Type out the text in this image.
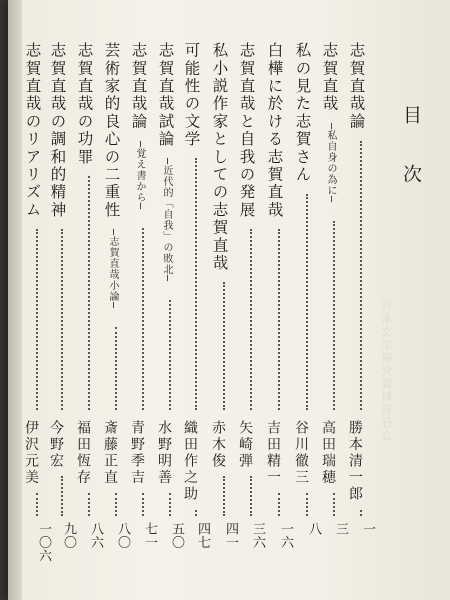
日本文学研究資料刊行会
目次
志賀直哉論
勝本清一郎
一
志賀直哉
─私自身の為に─
高田瑞穂
三
私の見た志賀さん
谷川徹三
八
白樺に於ける志賀直哉
吉田精一
一六
志賀直哉と自我の発展
矢崎弾
三六
私小説作家としての志賀直哉
赤木俊
四一
可能性の文学
織田作之助
四七
志賀直哉試論
─近代的「自我」の敗北─
水野明善
五〇
志賀直哉論
─覚え書から─
青野季吉
七一
芸術家的良心の二重性
─志賀直哉小論─
斎藤正直
八〇
志賀直哉の功罪
福田恆存
八六
志賀直哉の調和的精神
今野宏
九〇
志賀直哉のリアリズム
伊沢元美
一〇六
